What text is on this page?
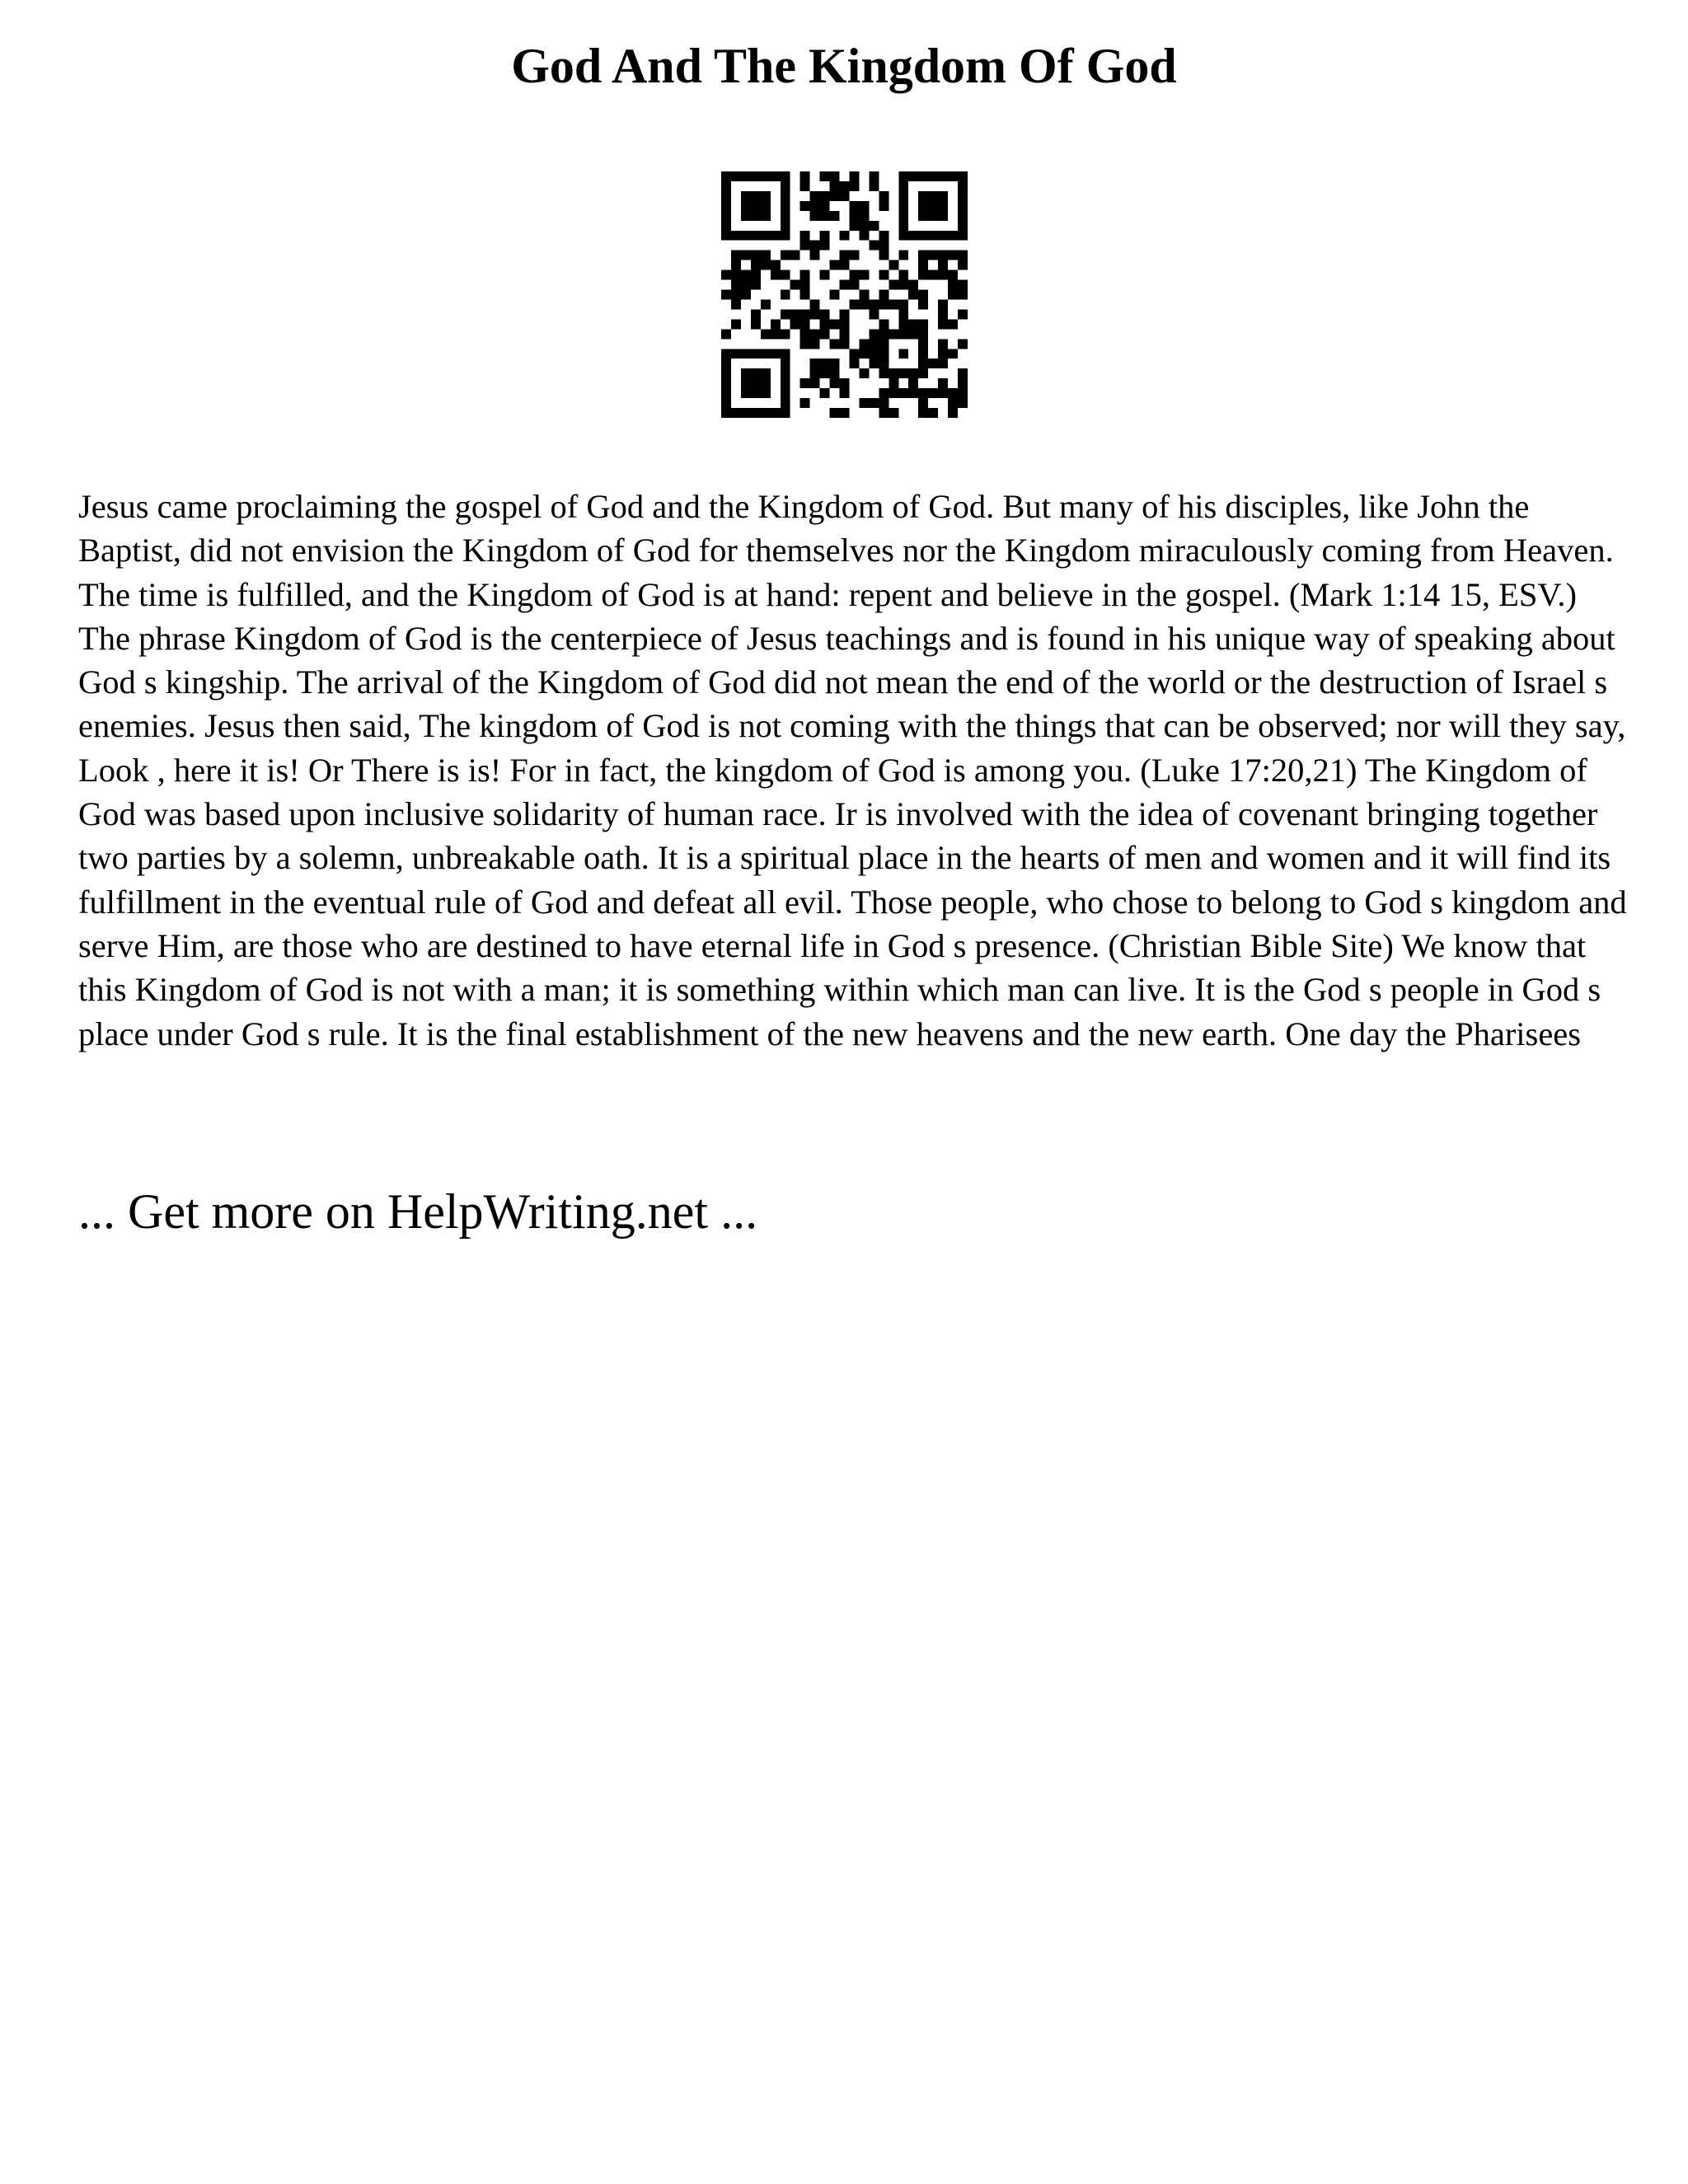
God And The Kingdom Of God

Jesus came proclaiming the gospel of God and the Kingdom of God. But many of his disciples, like John the Baptist, did not envision the Kingdom of God for themselves nor the Kingdom miraculously coming from Heaven. The time is fulfilled, and the Kingdom of God is at hand: repent and believe in the gospel. (Mark 1:14 15, ESV.) The phrase Kingdom of God is the centerpiece of Jesus teachings and is found in his unique way of speaking about God s kingship. The arrival of the Kingdom of God did not mean the end of the world or the destruction of Israel s enemies. Jesus then said, The kingdom of God is not coming with the things that can be observed; nor will they say, Look , here it is! Or There is is! For in fact, the kingdom of God is among you. (Luke 17:20,21) The Kingdom of God was based upon inclusive solidarity of human race. Ir is involved with the idea of covenant bringing together two parties by a solemn, unbreakable oath. It is a spiritual place in the hearts of men and women and it will find its fulfillment in the eventual rule of God and defeat all evil. Those people, who chose to belong to God s kingdom and serve Him, are those who are destined to have eternal life in God s presence. (Christian Bible Site) We know that this Kingdom of God is not with a man; it is something within which man can live. It is the God s people in God s place under God s rule. It is the final establishment of the new heavens and the new earth. One day the Pharisees

... Get more on HelpWriting.net ...
